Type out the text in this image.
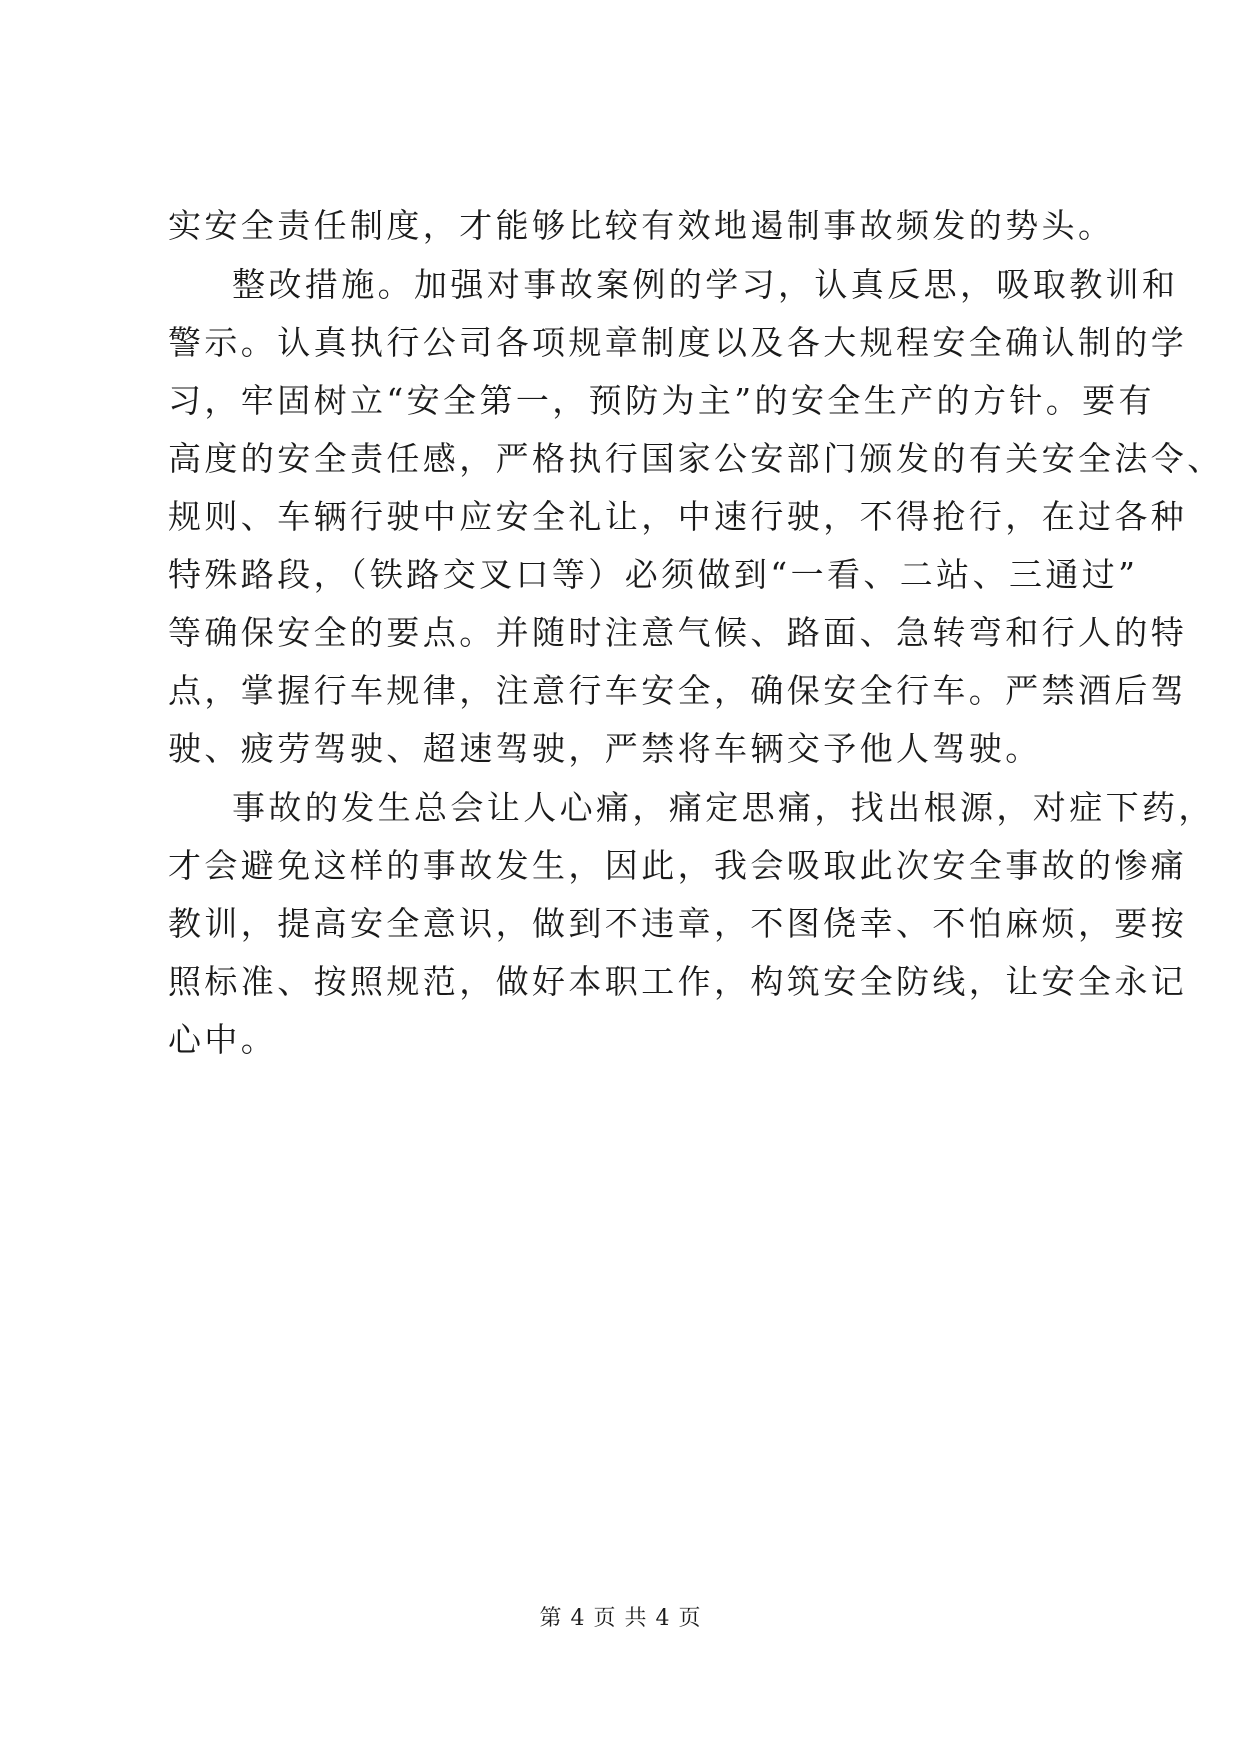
实安全责任制度，才能够比较有效地遏制事故频发的势头。
整改措施。加强对事故案例的学习，认真反思，吸取教训和
警示。认真执行公司各项规章制度以及各大规程安全确认制的学
习，牢固树立“安全第一，预防为主”的安全生产的方针。要有
高度的安全责任感，严格执行国家公安部门颁发的有关安全法令、
规则、车辆行驶中应安全礼让，中速行驶，不得抢行，在过各种
特殊路段，（铁路交叉口等）必须做到“一看、二站、三通过”
等确保安全的要点。并随时注意气候、路面、急转弯和行人的特
点，掌握行车规律，注意行车安全，确保安全行车。严禁酒后驾
驶、疲劳驾驶、超速驾驶，严禁将车辆交予他人驾驶。
事故的发生总会让人心痛，痛定思痛，找出根源，对症下药，
才会避免这样的事故发生，因此，我会吸取此次安全事故的惨痛
教训，提高安全意识，做到不违章，不图侥幸、不怕麻烦，要按
照标准、按照规范，做好本职工作，构筑安全防线，让安全永记
心中。
第 4 页 共 4 页
